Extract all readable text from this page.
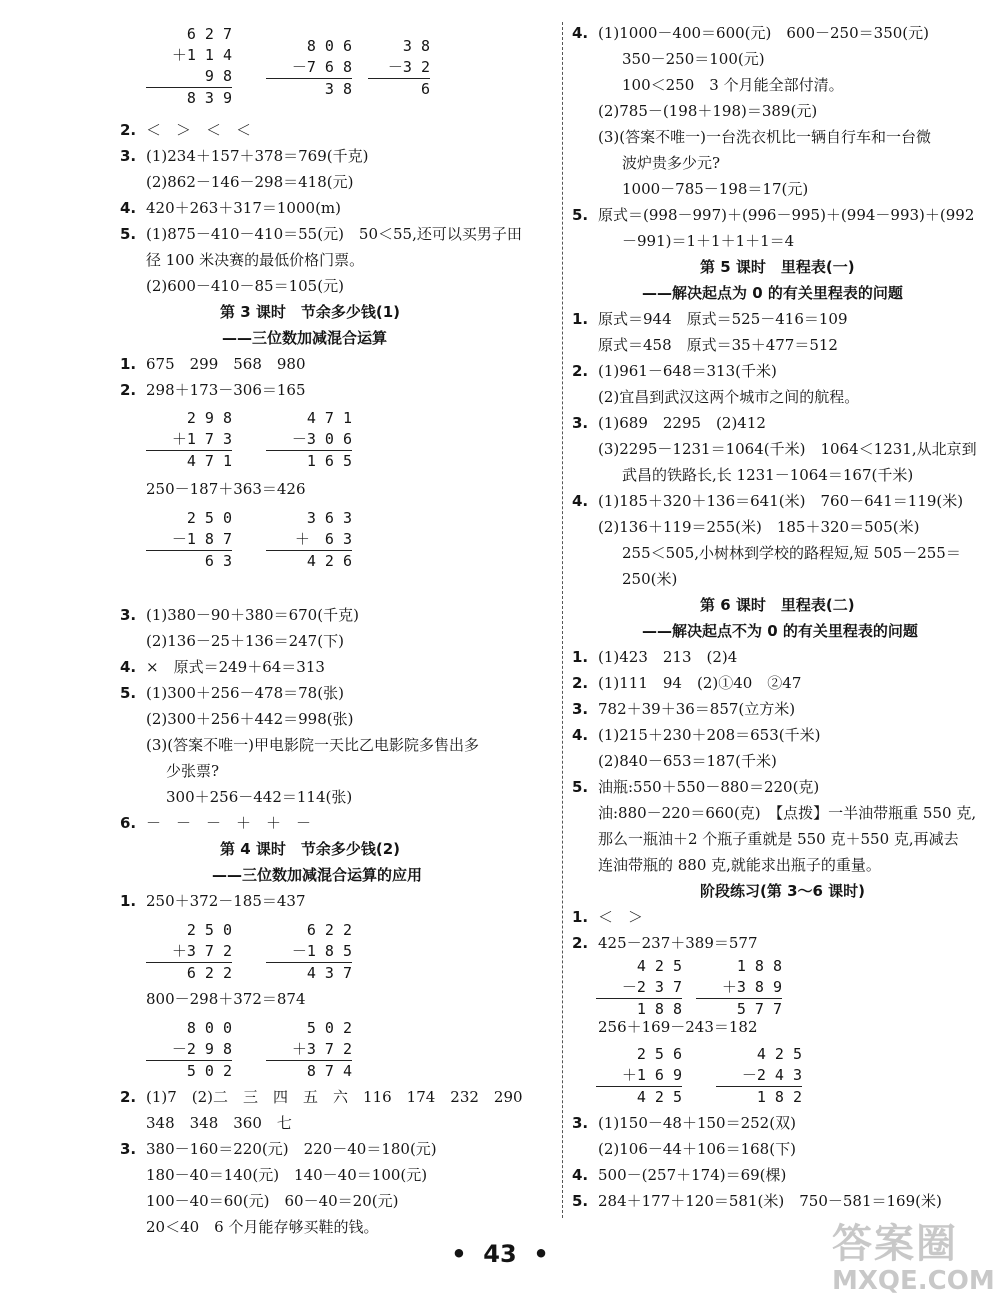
6 2 7
＋1 1 4
9 8
8 3 9
8 0 6
－7 6 8
3 8
3 8
－3 2
6
2. ＜　＞　＜　＜
3. (1)234＋157＋378＝769(千克)
(2)862－146－298＝418(元)
4. 420＋263＋317＝1000(m)
5. (1)875－410－410＝55(元)　50＜55,还可以买男子田
径 100 米决赛的最低价格门票。
(2)600－410－85＝105(元)
第 3 课时　节余多少钱(1)
——三位数加减混合运算
1. 675　299　568　980
2. 298＋173－306＝165
2 9 8
＋1 7 3
4 7 1
4 7 1
－3 0 6
1 6 5
250－187＋363＝426
2 5 0
－1 8 7
6 3
3 6 3
＋　6 3
4 2 6
3. (1)380－90＋380＝670(千克)
(2)136－25＋136＝247(下)
4. ×　原式＝249＋64＝313
5. (1)300＋256－478＝78(张)
(2)300＋256＋442＝998(张)
(3)(答案不唯一)甲电影院一天比乙电影院多售出多
少张票?
300＋256－442＝114(张)
6. －　－　－　＋　＋　－
第 4 课时　节余多少钱(2)
——三位数加减混合运算的应用
1. 250＋372－185＝437
2 5 0
＋3 7 2
6 2 2
6 2 2
－1 8 5
4 3 7
800－298＋372＝874
8 0 0
－2 9 8
5 0 2
5 0 2
＋3 7 2
8 7 4
2. (1)7　(2)二　三　四　五　六　116　174　232　290
348　348　360　七
3. 380－160＝220(元)　220－40＝180(元)
180－40＝140(元)　140－40＝100(元)
100－40＝60(元)　60－40＝20(元)
20＜40　6 个月能存够买鞋的钱。
4. (1)1000－400＝600(元)　600－250＝350(元)
350－250＝100(元)
100＜250　3 个月能全部付清。
(2)785－(198＋198)＝389(元)
(3)(答案不唯一)一台洗衣机比一辆自行车和一台微
波炉贵多少元?
1000－785－198＝17(元)
5. 原式＝(998－997)＋(996－995)＋(994－993)＋(992
－991)＝1＋1＋1＋1＝4
第 5 课时　里程表(一)
——解决起点为 0 的有关里程表的问题
1. 原式＝944　原式＝525－416＝109
原式＝458　原式＝35＋477＝512
2. (1)961－648＝313(千米)
(2)宜昌到武汉这两个城市之间的航程。
3. (1)689　2295　(2)412
(3)2295－1231＝1064(千米)　1064＜1231,从北京到
武昌的铁路长,长 1231－1064＝167(千米)
4. (1)185＋320＋136＝641(米)　760－641＝119(米)
(2)136＋119＝255(米)　185＋320＝505(米)
255＜505,小树林到学校的路程短,短 505－255＝
250(米)
第 6 课时　里程表(二)
——解决起点不为 0 的有关里程表的问题
1. (1)423　213　(2)4
2. (1)111　94　(2)①40　②47
3. 782＋39＋36＝857(立方米)
4. (1)215＋230＋208＝653(千米)
(2)840－653＝187(千米)
5. 油瓶:550＋550－880＝220(克)
油:880－220＝660(克)　【点拨】一半油带瓶重 550 克,
那么一瓶油＋2 个瓶子重就是 550 克＋550 克,再减去
连油带瓶的 880 克,就能求出瓶子的重量。
阶段练习(第 3～6 课时)
1. ＜　＞
2. 425－237＋389＝577
4 2 5
－2 3 7
1 8 8
1 8 8
＋3 8 9
5 7 7
256＋169－243＝182
2 5 6
＋1 6 9
4 2 5
4 2 5
－2 4 3
1 8 2
3. (1)150－48＋150＝252(双)
(2)106－44＋106＝168(下)
4. 500－(257＋174)＝69(棵)
5. 284＋177＋120＝581(米)　750－581＝169(米)
• 43 •	答案圈
MXQE.COM
